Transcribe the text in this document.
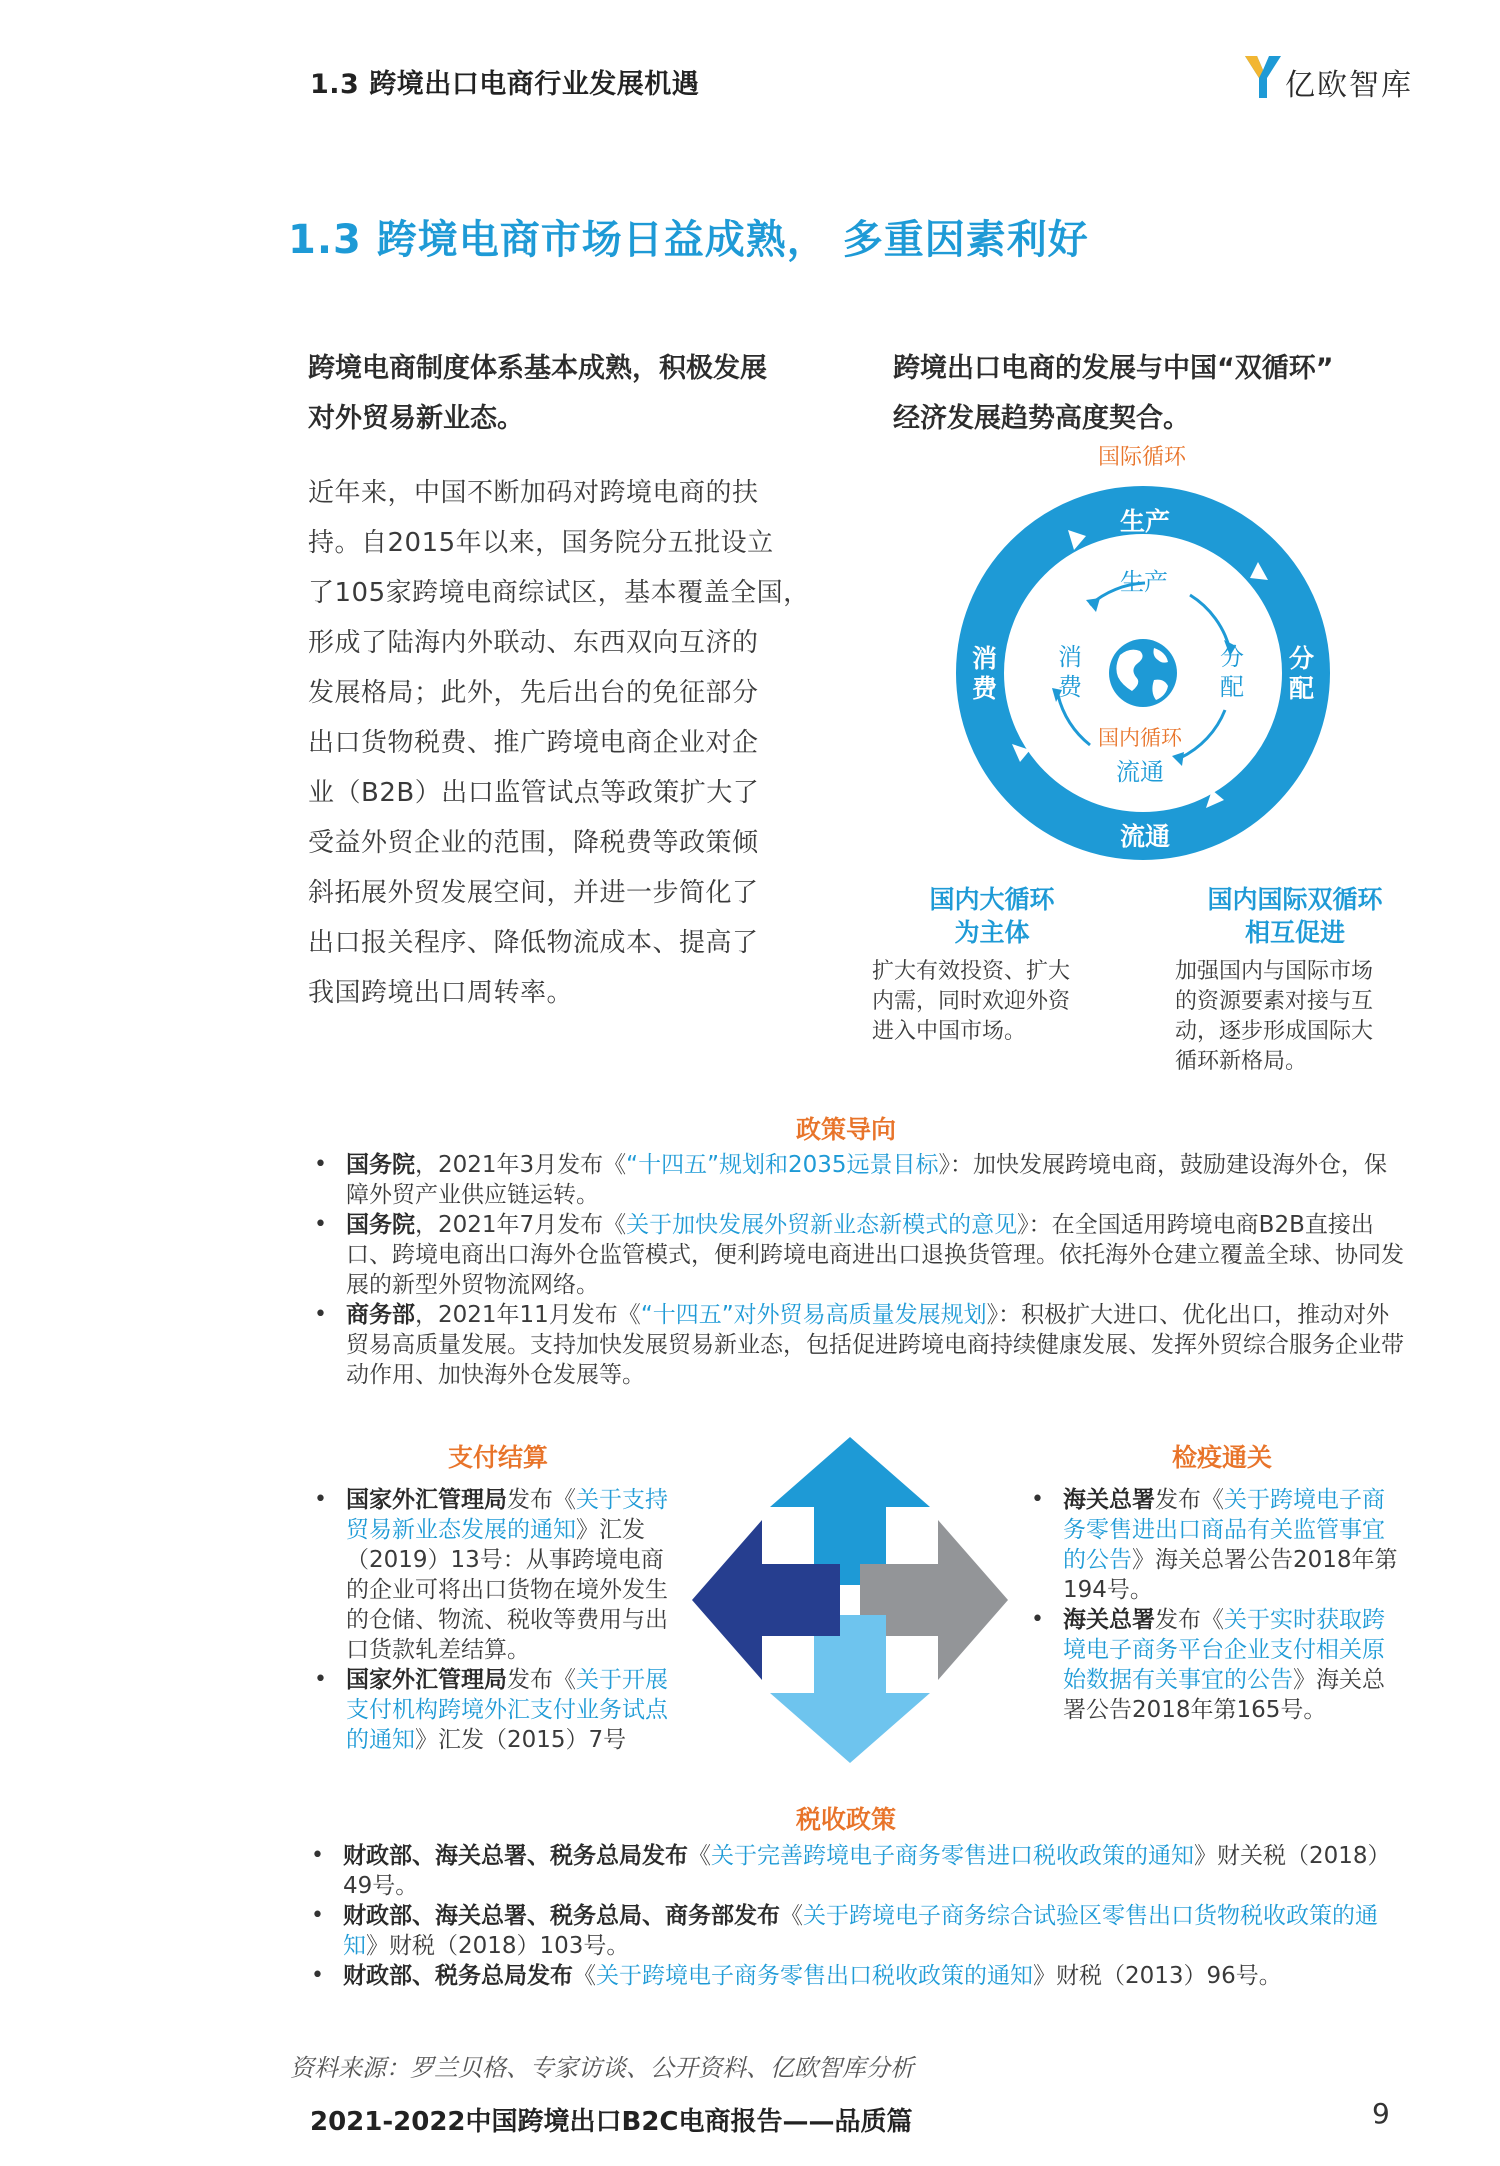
1.3 跨境出口电商行业发展机遇	亿欧智库
1.3 跨境电商市场日益成熟， 多重因素利好
跨境电商制度体系基本成熟，积极发展
对外贸易新业态。
跨境出口电商的发展与中国“双循环”
经济发展趋势高度契合。
近年来，中国不断加码对跨境电商的扶
持。自2015年以来，国务院分五批设立
了105家跨境电商综试区，基本覆盖全国，
形成了陆海内外联动、东西双向互济的
发展格局；此外，先后出台的免征部分
出口货物税费、推广跨境电商企业对企
业（B2B）出口监管试点等政策扩大了
受益外贸企业的范围，降税费等政策倾
斜拓展外贸发展空间，并进一步简化了
出口报关程序、降低物流成本、提高了
我国跨境出口周转率。
国际循环
生产
分配
流通
消费
生产
分配
消费
国内循环
流通
国内大循环
为主体
扩大有效投资、扩大
内需，同时欢迎外资
进入中国市场。
国内国际双循环
相互促进
加强国内与国际市场
的资源要素对接与互
动，逐步形成国际大
循环新格局。
政策导向
• 国务院，2021年3月发布《“十四五”规划和2035远景目标》：加快发展跨境电商，鼓励建设海外仓，保障外贸产业供应链运转。
• 国务院，2021年7月发布《关于加快发展外贸新业态新模式的意见》：在全国适用跨境电商B2B直接出口、跨境电商出口海外仓监管模式，便利跨境电商进出口退换货管理。依托海外仓建立覆盖全球、协同发展的新型外贸物流网络。
• 商务部，2021年11月发布《“十四五”对外贸易高质量发展规划》：积极扩大进口、优化出口，推动对外贸易高质量发展。支持加快发展贸易新业态，包括促进跨境电商持续健康发展、发挥外贸综合服务企业带动作用、加快海外仓发展等。
支付结算
• 国家外汇管理局发布《关于支持贸易新业态发展的通知》汇发（2019）13号：从事跨境电商的企业可将出口货物在境外发生的仓储、物流、税收等费用与出口货款轧差结算。
• 国家外汇管理局发布《关于开展支付机构跨境外汇支付业务试点的通知》汇发（2015）7号
检疫通关
• 海关总署发布《关于跨境电子商务零售进出口商品有关监管事宜的公告》海关总署公告2018年第194号。
• 海关总署发布《关于实时获取跨境电子商务平台企业支付相关原始数据有关事宜的公告》海关总署公告2018年第165号。
税收政策
• 财政部、海关总署、税务总局发布《关于完善跨境电子商务零售进口税收政策的通知》财关税（2018）49号。
• 财政部、海关总署、税务总局、商务部发布《关于跨境电子商务综合试验区零售出口货物税收政策的通知》财税（2018）103号。
• 财政部、税务总局发布《关于跨境电子商务零售出口税收政策的通知》财税（2013）96号。
资料来源：罗兰贝格、专家访谈、公开资料、亿欧智库分析
2021-2022中国跨境出口B2C电商报告——品质篇	9
